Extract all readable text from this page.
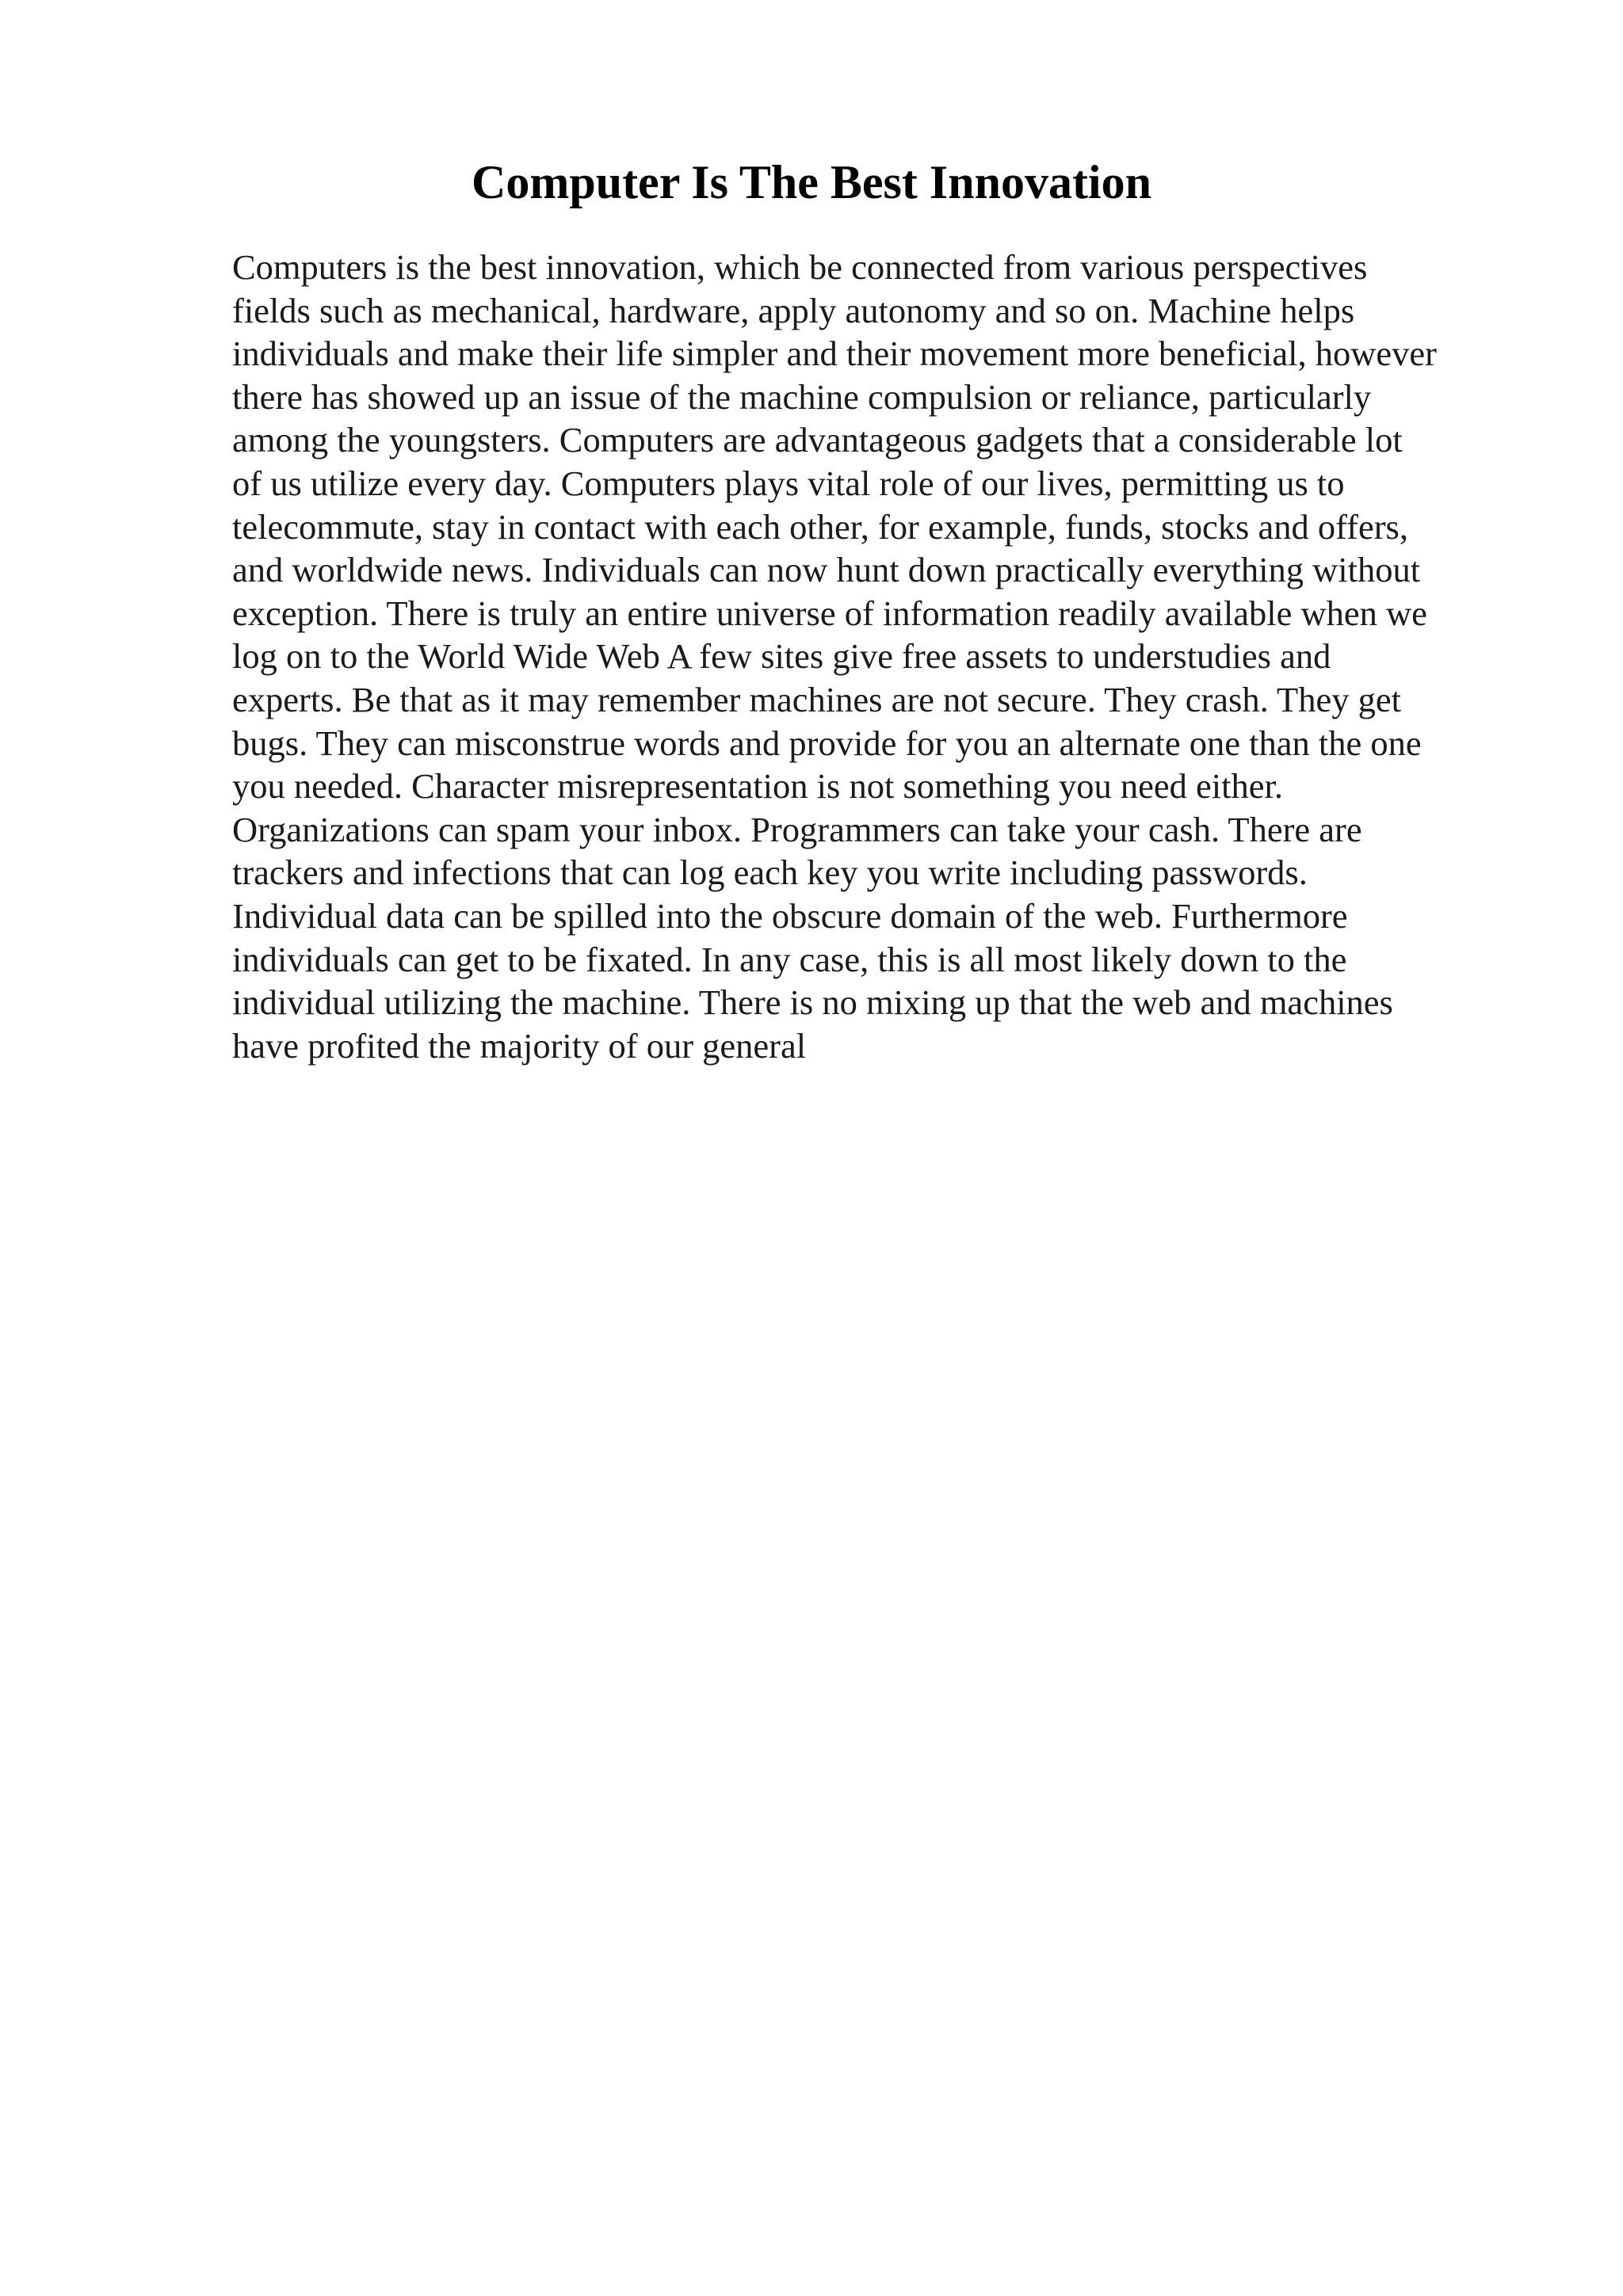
Computer Is The Best Innovation
Computers is the best innovation, which be connected from various perspectives
fields such as mechanical, hardware, apply autonomy and so on. Machine helps
individuals and make their life simpler and their movement more beneficial, however
there has showed up an issue of the machine compulsion or reliance, particularly
among the youngsters. Computers are advantageous gadgets that a considerable lot
of us utilize every day. Computers plays vital role of our lives, permitting us to
telecommute, stay in contact with each other, for example, funds, stocks and offers,
and worldwide news. Individuals can now hunt down practically everything without
exception. There is truly an entire universe of information readily available when we
log on to the World Wide Web A few sites give free assets to understudies and
experts. Be that as it may remember machines are not secure. They crash. They get
bugs. They can misconstrue words and provide for you an alternate one than the one
you needed. Character misrepresentation is not something you need either.
Organizations can spam your inbox. Programmers can take your cash. There are
trackers and infections that can log each key you write including passwords.
Individual data can be spilled into the obscure domain of the web. Furthermore
individuals can get to be fixated. In any case, this is all most likely down to the
individual utilizing the machine. There is no mixing up that the web and machines
have profited the majority of our general
